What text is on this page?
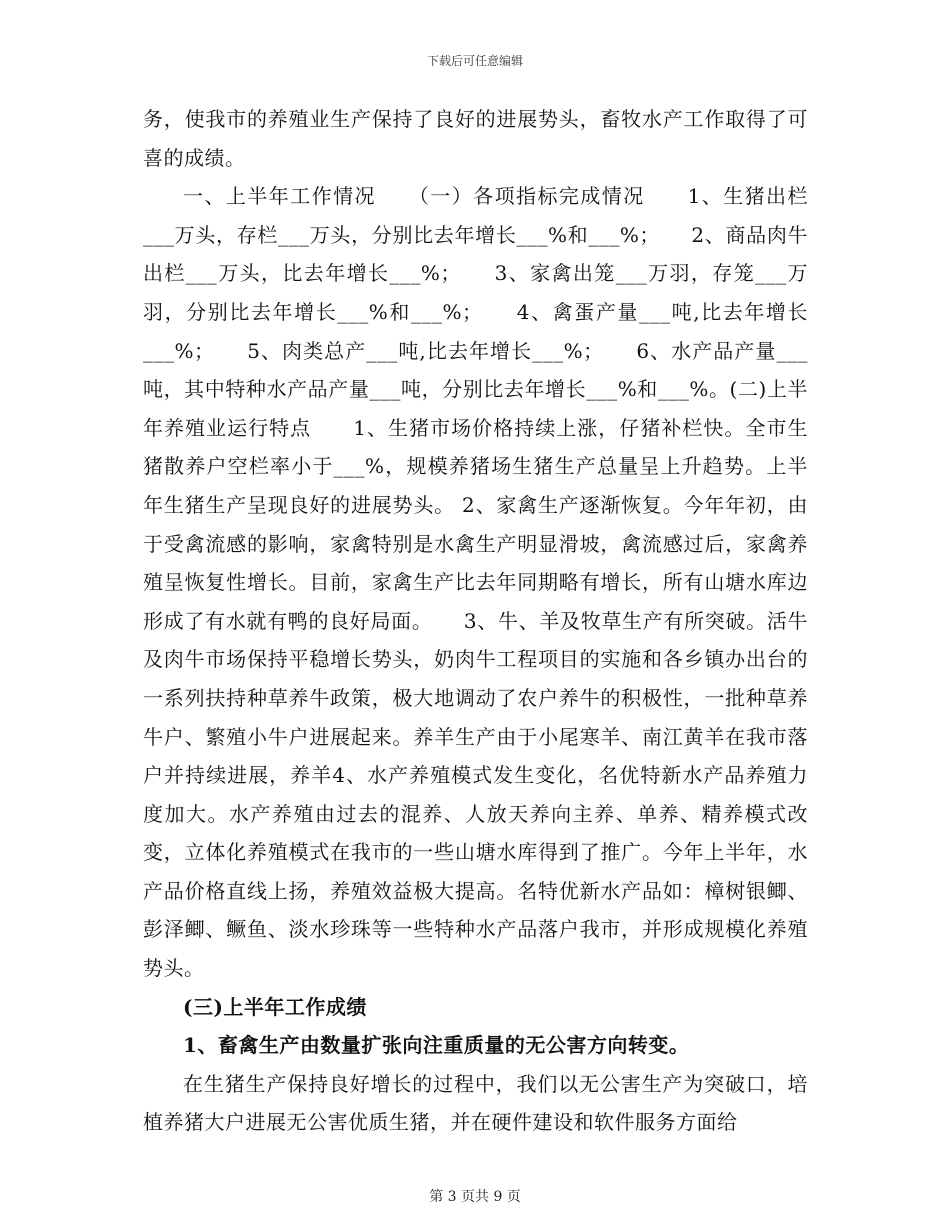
下载后可任意编辑

务，使我市的养殖业生产保持了良好的进展势头，畜牧水产工作取得了可喜的成绩。

一、上半年工作情况　　（一）各项指标完成情况　　1、生猪出栏___万头，存栏___万头，分别比去年增长___%和___%；　　2、商品肉牛出栏___万头，比去年增长___%；　　3、家禽出笼___万羽，存笼___万羽，分别比去年增长___%和___%；　　4、禽蛋产量___吨,比去年增长___%；　　5、肉类总产___吨,比去年增长___%；　　6、水产品产量___吨，其中特种水产品产量___吨，分别比去年增长___%和___%。(二)上半年养殖业运行特点　　1、生猪市场价格持续上涨，仔猪补栏快。全市生猪散养户空栏率小于___%，规模养猪场生猪生产总量呈上升趋势。上半年生猪生产呈现良好的进展势头。 2、家禽生产逐渐恢复。今年年初，由于受禽流感的影响，家禽特别是水禽生产明显滑坡，禽流感过后，家禽养殖呈恢复性增长。目前，家禽生产比去年同期略有增长，所有山塘水库边形成了有水就有鸭的良好局面。　　3、牛、羊及牧草生产有所突破。活牛及肉牛市场保持平稳增长势头，奶肉牛工程项目的实施和各乡镇办出台的一系列扶持种草养牛政策，极大地调动了农户养牛的积极性，一批种草养牛户、繁殖小牛户进展起来。养羊生产由于小尾寒羊、南江黄羊在我市落户并持续进展，养羊4、水产养殖模式发生变化，名优特新水产品养殖力度加大。水产养殖由过去的混养、人放天养向主养、单养、精养模式改变，立体化养殖模式在我市的一些山塘水库得到了推广。今年上半年，水产品价格直线上扬，养殖效益极大提高。名特优新水产品如：樟树银鲫、彭泽鲫、鳜鱼、淡水珍珠等一些特种水产品落户我市，并形成规模化养殖势头。

(三)上半年工作成绩

1、畜禽生产由数量扩张向注重质量的无公害方向转变。

在生猪生产保持良好增长的过程中，我们以无公害生产为突破口，培植养猪大户进展无公害优质生猪，并在硬件建设和软件服务方面给

第 3 页共 9 页
